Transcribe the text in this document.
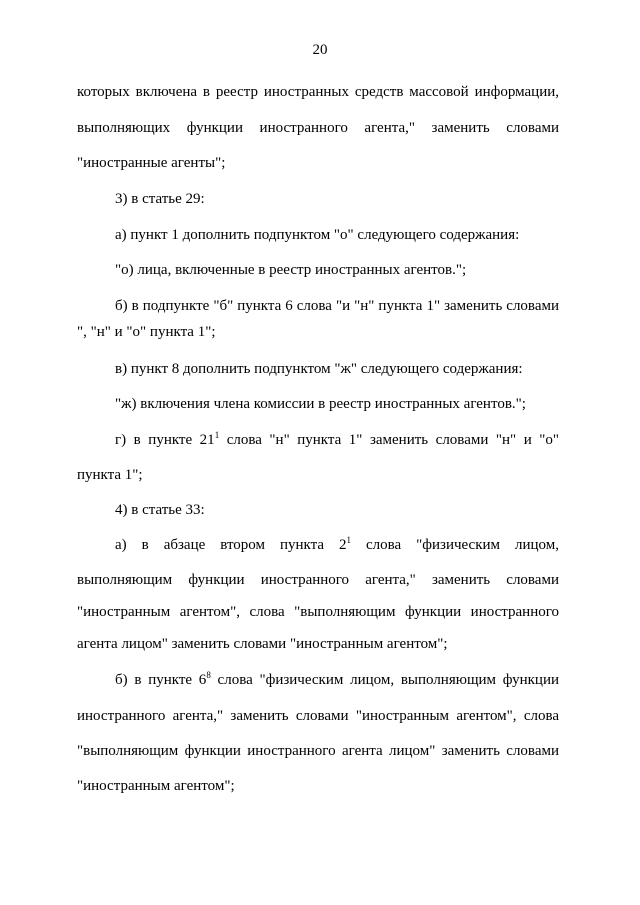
20

которых включена в реестр иностранных средств массовой информации,

выполняющих функции иностранного агента," заменить словами

"иностранные агенты";

3) в статье 29:

а) пункт 1 дополнить подпунктом "о" следующего содержания:

"о) лица, включенные в реестр иностранных агентов.";

б) в подпункте "б" пункта 6 слова "и "н" пункта 1" заменить словами

", "н" и "о" пункта 1";

в) пункт 8 дополнить подпунктом "ж" следующего содержания:

"ж) включения члена комиссии в реестр иностранных агентов.";

г) в пункте $21^1$ слова "н" пункта 1" заменить словами "н" и "о"

пункта 1";

4) в статье 33:

а) в абзаце втором пункта $2^1$ слова "физическим лицом,

выполняющим функции иностранного агента," заменить словами

"иностранным агентом", слова "выполняющим функции иностранного

агента лицом" заменить словами "иностранным агентом";

б) в пункте $6^8$ слова "физическим лицом, выполняющим функции

иностранного агента," заменить словами "иностранным агентом", слова

"выполняющим функции иностранного агента лицом" заменить словами

"иностранным агентом";
